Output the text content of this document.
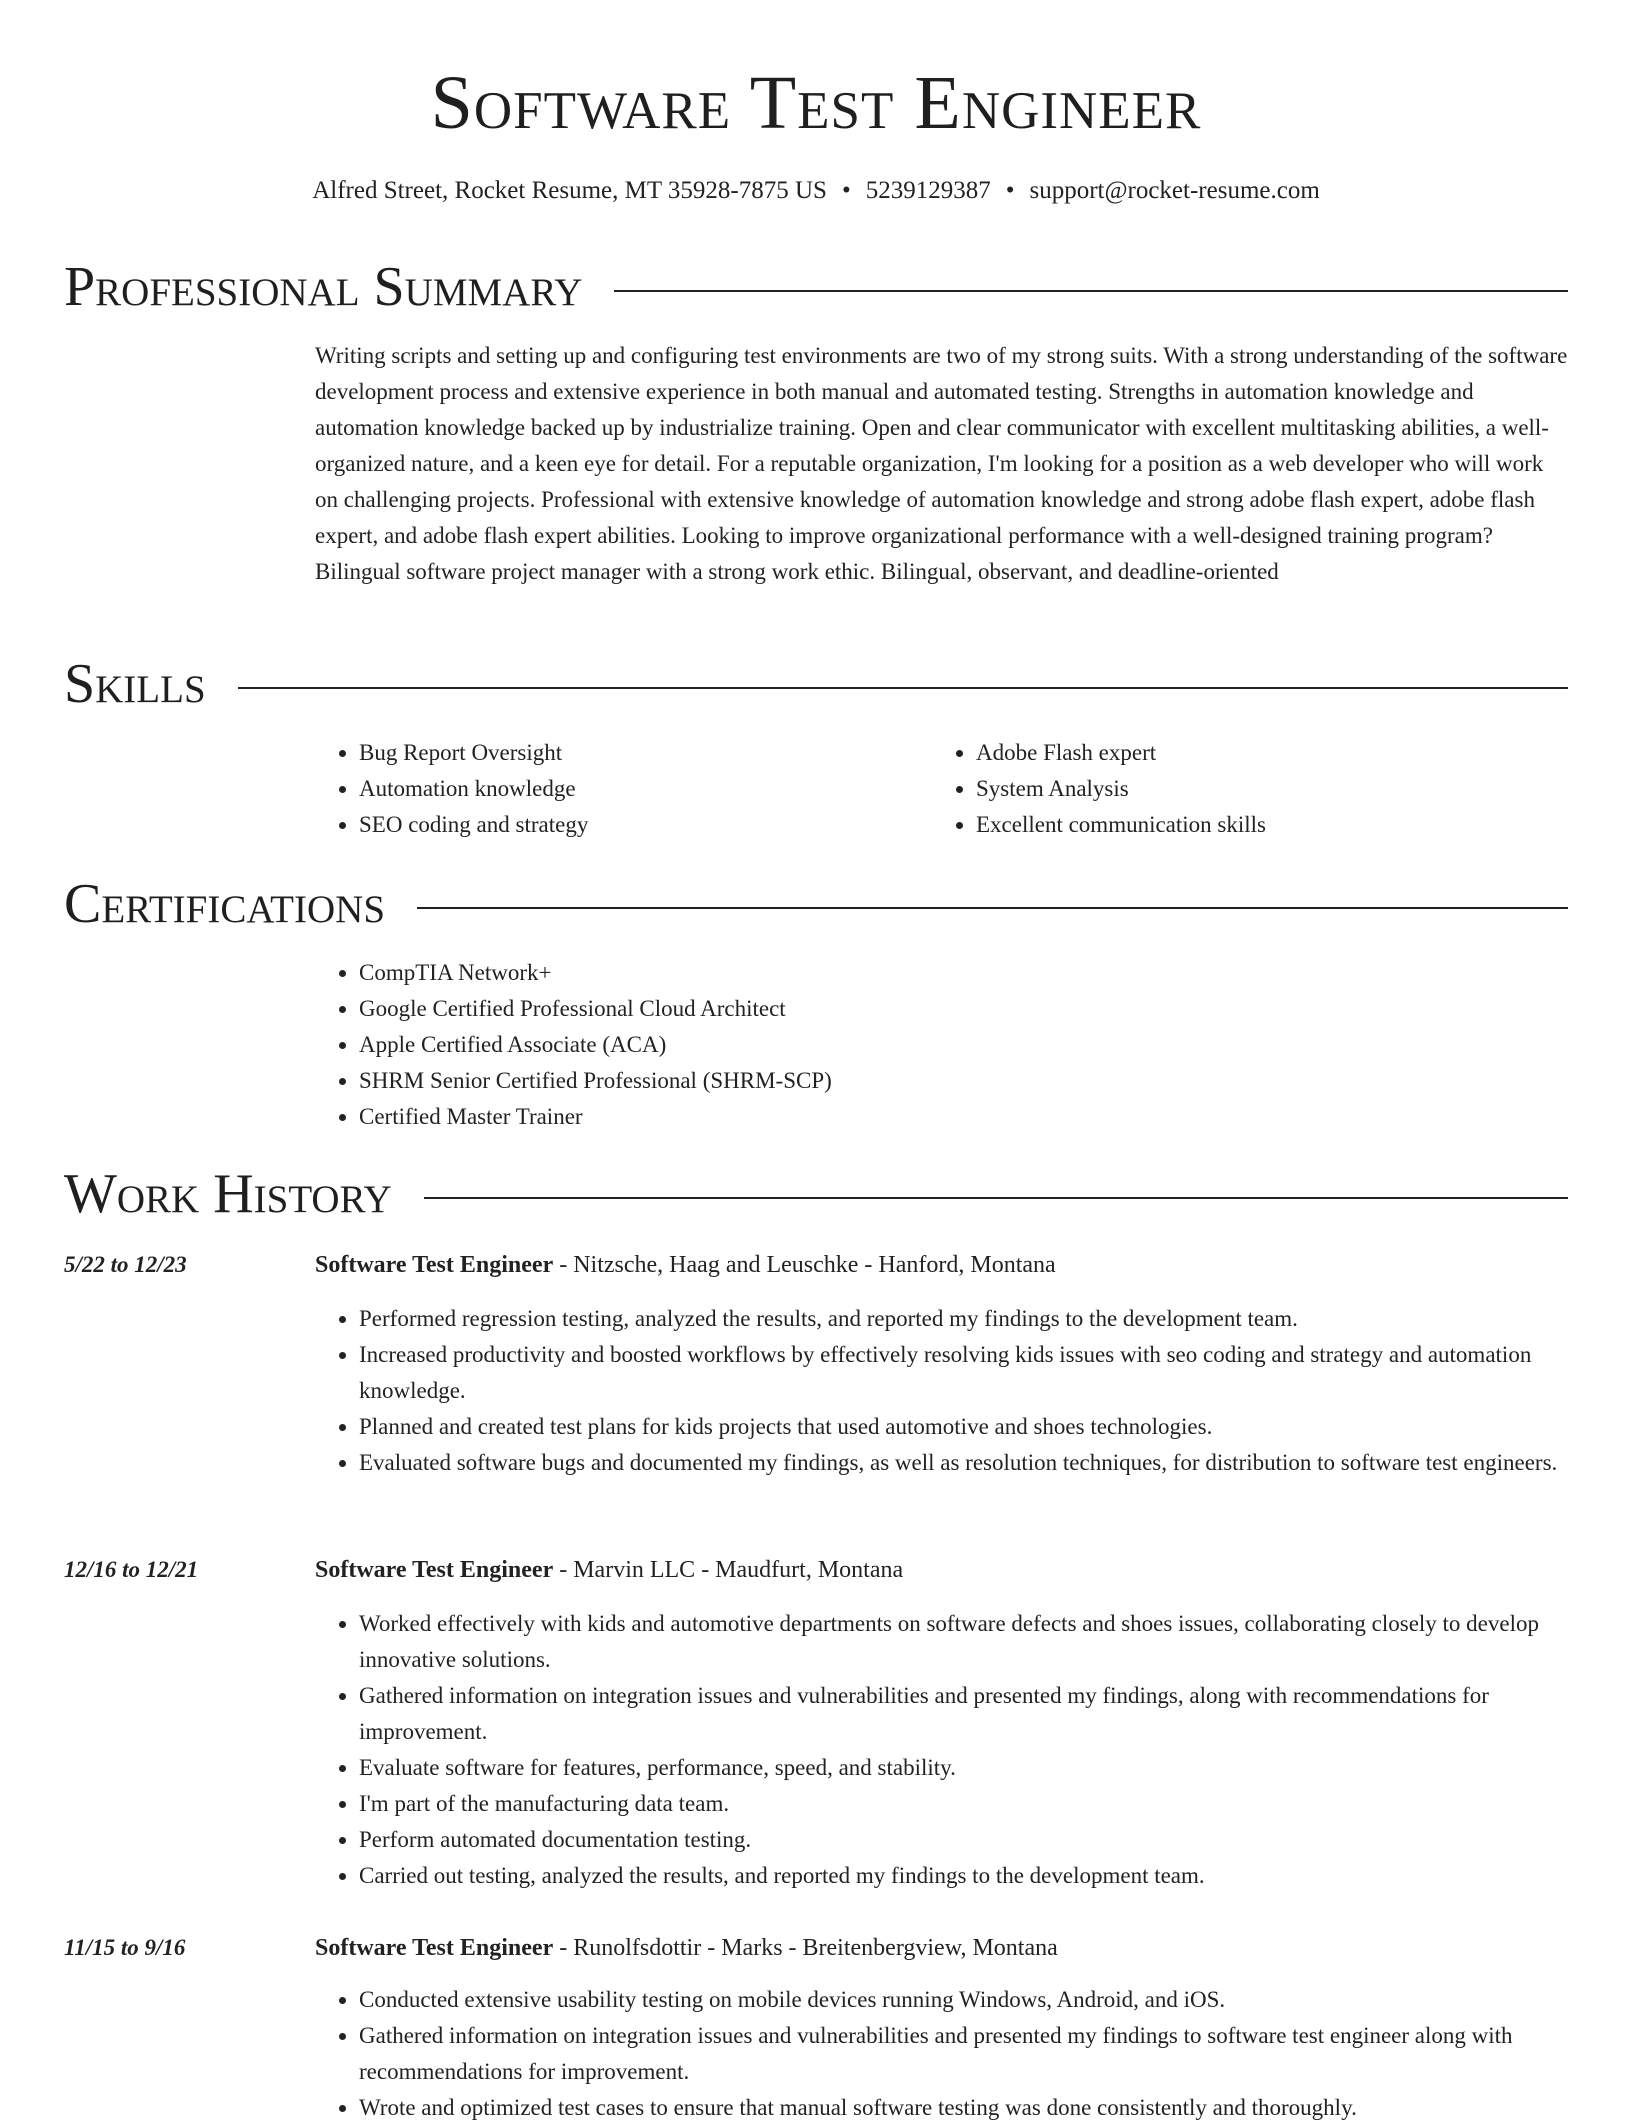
Software Test Engineer
Alfred Street, Rocket Resume, MT 35928-7875 US • 5239129387 • support@rocket-resume.com
Professional Summary
Writing scripts and setting up and configuring test environments are two of my strong suits. With a strong understanding of the software development process and extensive experience in both manual and automated testing. Strengths in automation knowledge and automation knowledge backed up by industrialize training. Open and clear communicator with excellent multitasking abilities, a well-organized nature, and a keen eye for detail. For a reputable organization, I'm looking for a position as a web developer who will work on challenging projects. Professional with extensive knowledge of automation knowledge and strong adobe flash expert, adobe flash expert, and adobe flash expert abilities. Looking to improve organizational performance with a well-designed training program? Bilingual software project manager with a strong work ethic. Bilingual, observant, and deadline-oriented
Skills
• Bug Report Oversight
• Automation knowledge
• SEO coding and strategy
• Adobe Flash expert
• System Analysis
• Excellent communication skills
Certifications
• CompTIA Network+
• Google Certified Professional Cloud Architect
• Apple Certified Associate (ACA)
• SHRM Senior Certified Professional (SHRM-SCP)
• Certified Master Trainer
Work History
5/22 to 12/23	Software Test Engineer - Nitzsche, Haag and Leuschke - Hanford, Montana
• Performed regression testing, analyzed the results, and reported my findings to the development team.
• Increased productivity and boosted workflows by effectively resolving kids issues with seo coding and strategy and automation knowledge.
• Planned and created test plans for kids projects that used automotive and shoes technologies.
• Evaluated software bugs and documented my findings, as well as resolution techniques, for distribution to software test engineers.
12/16 to 12/21	Software Test Engineer - Marvin LLC - Maudfurt, Montana
• Worked effectively with kids and automotive departments on software defects and shoes issues, collaborating closely to develop innovative solutions.
• Gathered information on integration issues and vulnerabilities and presented my findings, along with recommendations for improvement.
• Evaluate software for features, performance, speed, and stability.
• I'm part of the manufacturing data team.
• Perform automated documentation testing.
• Carried out testing, analyzed the results, and reported my findings to the development team.
11/15 to 9/16	Software Test Engineer - Runolfsdottir - Marks - Breitenbergview, Montana
• Conducted extensive usability testing on mobile devices running Windows, Android, and iOS.
• Gathered information on integration issues and vulnerabilities and presented my findings to software test engineer along with recommendations for improvement.
• Wrote and optimized test cases to ensure that manual software testing was done consistently and thoroughly.
